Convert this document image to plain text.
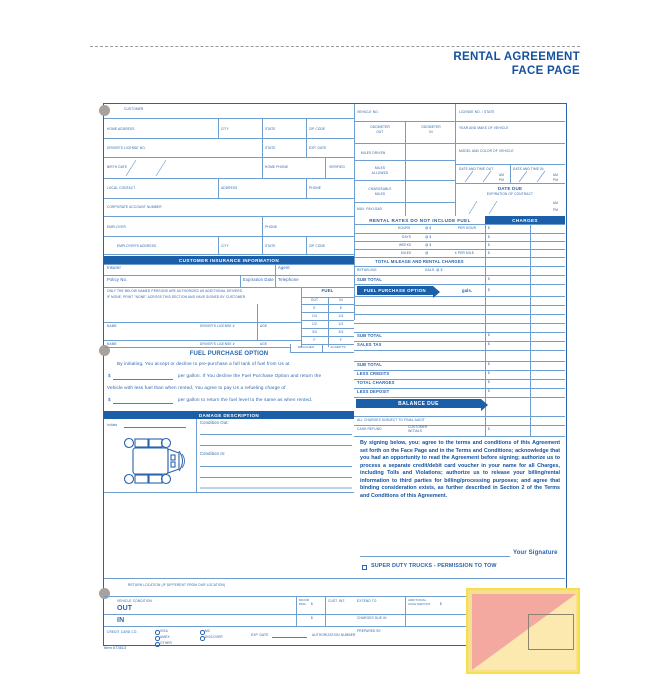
RENTAL AGREEMENT
FACE PAGE
CUSTOMER
HOME ADDRESS	CITY	STATE	ZIP CODE
DRIVER'S LICENSE NO.	STATE	EXP. DATE
BIRTH DATE	HOME PHONE	VERIFIED
LOCAL CONTACT	ADDRESS	PHONE
CORPORATE ACCOUNT NUMBER
EMPLOYER	PHONE
EMPLOYER'S ADDRESS	CITY	STATE	ZIP CODE
VEHICLE NO.	LICENSE NO. / STATE
ODOMETER
OUT
ODOMETER
IN
YEAR AND MAKE OF VEHICLE
MODEL AND COLOR OF VEHICLE
MILES DRIVEN
MILES
ALLOWED
CHARGEABLE
MILES
MAX. PAYLOAD
DATE AND TIME OUT	DATE AND TIME IN
AM
PM
AM
PM
DATE DUE
EXPIRATION OF CONTRACT
AM
PM
RENTAL RATES DO NOT INCLUDE FUEL	CHARGES
HOURS	@ $	PER HOUR	$
DAYS	@ $	$
WEEKS	@ $	$
MILES	@	¢ PER MILE	$
TOTAL MILEAGE AND RENTAL CHARGES
REFUELING	GALS. @ $
SUB TOTAL	$
FUEL PURCHASE OPTION	gals.	$
SUB TOTAL	$
SALES TAX	$
SUB TOTAL	$
LESS CREDITS	$
TOTAL CHARGES	$
LESS DEPOSIT	$
BALANCE DUE
ALL CHARGES SUBJECT TO FINAL AUDIT
CASH REFUND	CUSTOMER
INITIALS	$
CUSTOMER INSURANCE INFORMATION
Insurer	Agent
Policy No.	Expiration Date Telephone
ONLY THE BELOW NAMED PERSONS ARE AUTHORIZED AS ADDITIONAL DRIVERS.
IF NONE, PRINT "NONE" ACROSS THIS SECTION AND HAVE SIGNED BY CUSTOMER.
NAME	DRIVER'S LICENSE #	AGE
NAME	DRIVER'S LICENSE #	AGE
FUEL
OUT	IN
E	E
1/4	1/4
1/2	1/2
3/4	3/4
F	F
DECLINES	ACCEPTS
FUEL PURCHASE OPTION
By initialing, You accept or decline to pre-purchase a full tank of fuel from Us at
$	per gallon. If You decline the Fuel Purchase Option and return the
Vehicle with less fuel than when rented, You agree to pay Us a refueling charge of
$	per gallon to return the fuel level to the same as when rented.
DAMAGE DESCRIPTION
Initials	Condition Out:
Condition In:
By signing below, you: agree to the terms and conditions of this Agreement set forth on the Face Page and in the Terms and Conditions; acknowledge that you had an opportunity to read the Agreement before signing; authorize us to process a separate credit/debit card voucher in your name for all Charges, including Tolls and Violations; authorize us to release your billing/rental information to third parties for billing/processing purposes; and agree that binding consideration exists, as further described in Section 2 of the Terms and Conditions of this Agreement.
Your Signature
SUPER DUTY TRUCKS - PERMISSION TO TOW
RETURN LOCATION (IF DIFFERENT FROM OUR LOCATION)
VEHICLE CONDITION
OUT
IN
MINOR
DMG $
$
CUST. INT.	EXTEND TO	ADDITIONAL
CASH DEPOSIT	$
CHARGES DUE IN
PREPARED BY
CREDIT CARD CO.	VISA	MC
AMEX	DISCOVER
OTHER
EXP. DATE	AUTHORIZATION NUMBER
Item #73613
